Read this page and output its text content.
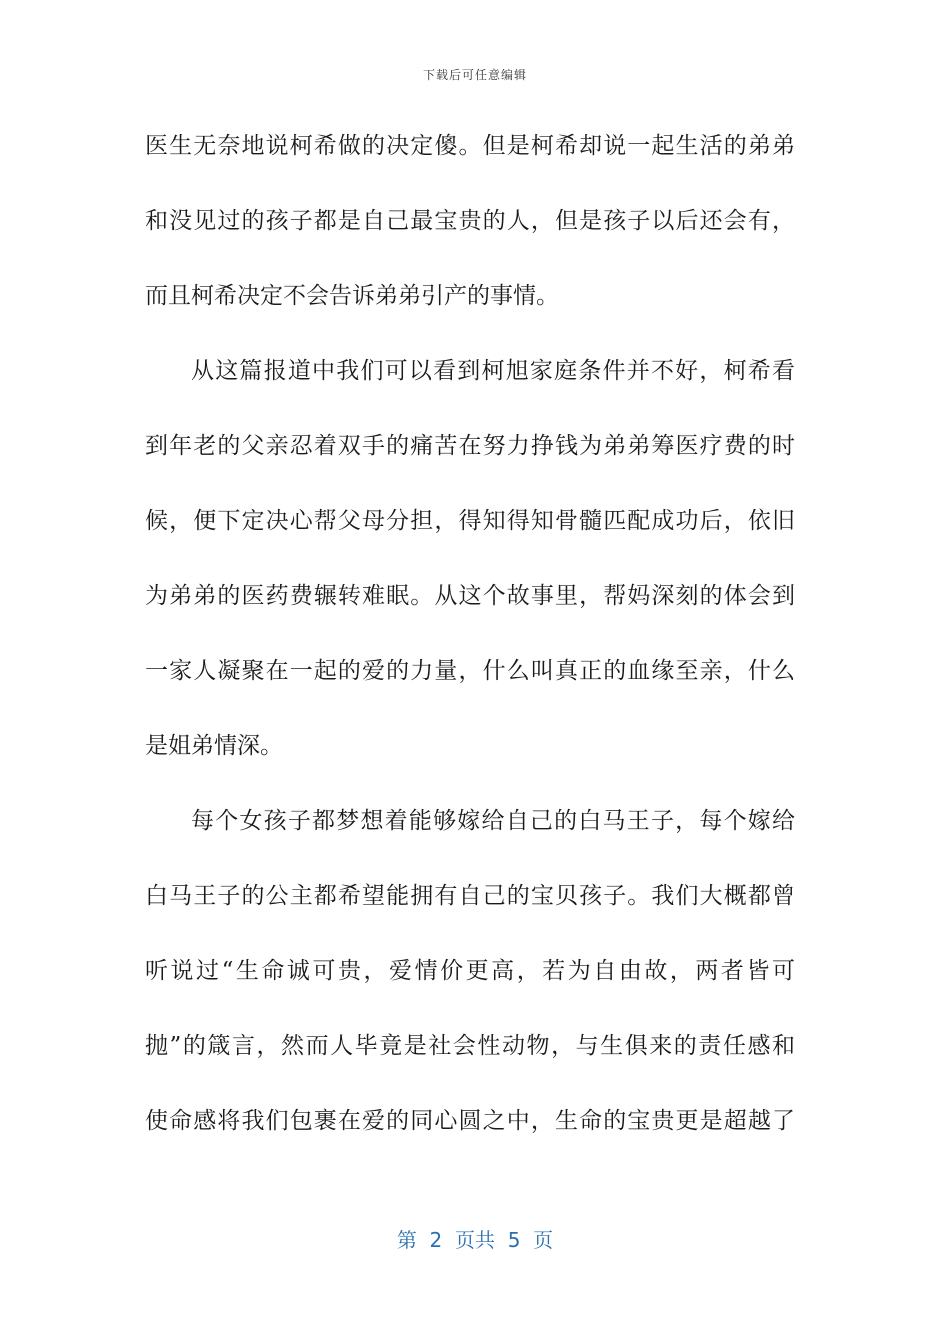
下载后可任意编辑
医生无奈地说柯希做的决定傻。但是柯希却说一起生活的弟弟
和没见过的孩子都是自己最宝贵的人，但是孩子以后还会有，
而且柯希决定不会告诉弟弟引产的事情。
从这篇报道中我们可以看到柯旭家庭条件并不好，柯希看
到年老的父亲忍着双手的痛苦在努力挣钱为弟弟筹医疗费的时
候，便下定决心帮父母分担，得知得知骨髓匹配成功后，依旧
为弟弟的医药费辗转难眠。从这个故事里，帮妈深刻的体会到
一家人凝聚在一起的爱的力量，什么叫真正的血缘至亲，什么
是姐弟情深。
每个女孩子都梦想着能够嫁给自己的白马王子，每个嫁给
白马王子的公主都希望能拥有自己的宝贝孩子。我们大概都曾
听说过“生命诚可贵，爱情价更高，若为自由故，两者皆可
抛”的箴言，然而人毕竟是社会性动物，与生俱来的责任感和
使命感将我们包裹在爱的同心圆之中，生命的宝贵更是超越了
第  2  页共  5  页
